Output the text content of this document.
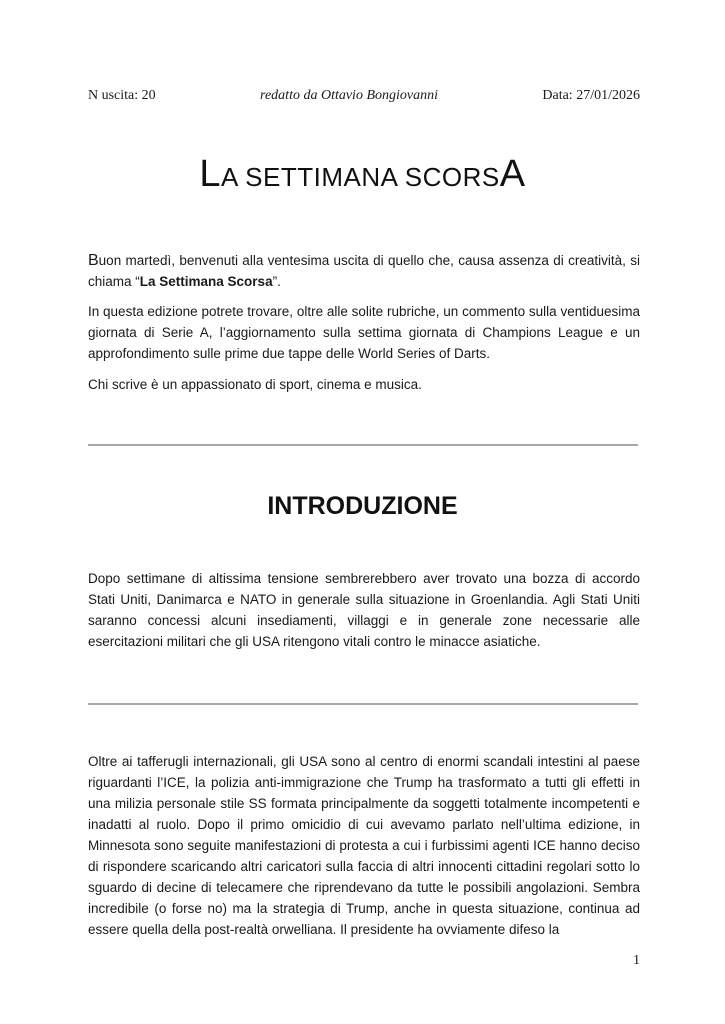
N uscita: 20	redatto da Ottavio Bongiovanni	Data: 27/01/2026
LA SETTIMANA SCORSA

Buon martedì, benvenuti alla ventesima uscita di quello che, causa assenza di creatività, si chiama “La Settimana Scorsa”.

In questa edizione potrete trovare, oltre alle solite rubriche, un commento sulla ventiduesima giornata di Serie A, l’aggiornamento sulla settima giornata di Champions League e un approfondimento sulle prime due tappe delle World Series of Darts.

Chi scrive è un appassionato di sport, cinema e musica.

INTRODUZIONE

Dopo settimane di altissima tensione sembrerebbero aver trovato una bozza di accordo Stati Uniti, Danimarca e NATO in generale sulla situazione in Groenlandia. Agli Stati Uniti saranno concessi alcuni insediamenti, villaggi e in generale zone necessarie alle esercitazioni militari che gli USA ritengono vitali contro le minacce asiatiche.

Oltre ai tafferugli internazionali, gli USA sono al centro di enormi scandali intestini al paese riguardanti l’ICE, la polizia anti-immigrazione che Trump ha trasformato a tutti gli effetti in una milizia personale stile SS formata principalmente da soggetti totalmente incompetenti e inadatti al ruolo. Dopo il primo omicidio di cui avevamo parlato nell’ultima edizione, in Minnesota sono seguite manifestazioni di protesta a cui i furbissimi agenti ICE hanno deciso di rispondere scaricando altri caricatori sulla faccia di altri innocenti cittadini regolari sotto lo sguardo di decine di telecamere che riprendevano da tutte le possibili angolazioni. Sembra incredibile (o forse no) ma la strategia di Trump, anche in questa situazione, continua ad essere quella della post-realtà orwelliana. Il presidente ha ovviamente difeso la

1
